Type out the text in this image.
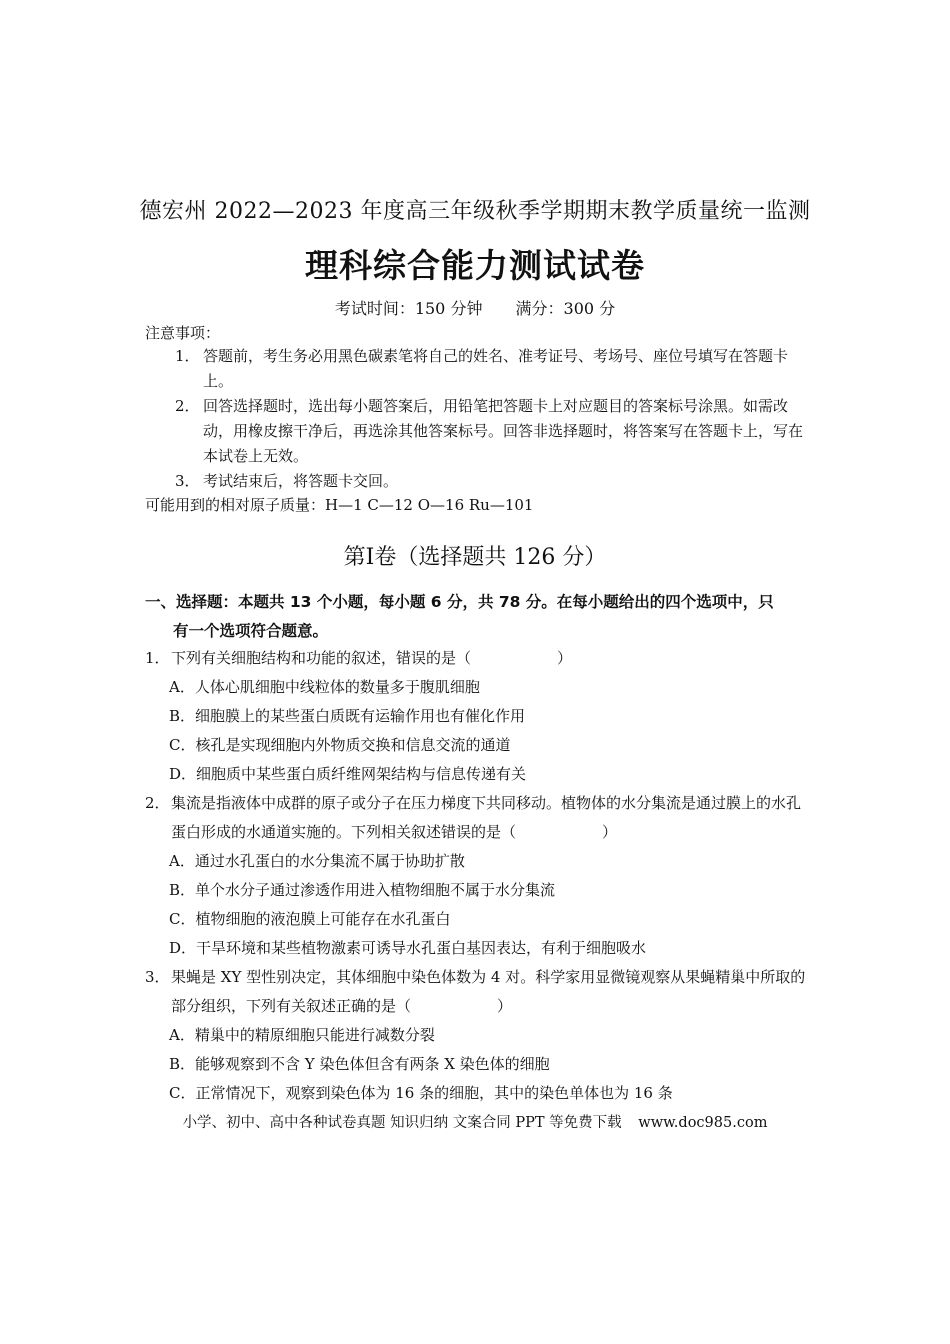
德宏州 2022—2023 年度高三年级秋季学期期末教学质量统一监测
理科综合能力测试试卷
考试时间：150 分钟 满分：300 分
注意事项：
1． 答题前，考生务必用黑色碳素笔将自己的姓名、准考证号、考场号、座位号填写在答题卡上。
2． 回答选择题时，选出每小题答案后，用铅笔把答题卡上对应题目的答案标号涂黑。如需改动，用橡皮擦干净后，再选涂其他答案标号。回答非选择题时，将答案写在答题卡上，写在本试卷上无效。
3． 考试结束后，将答题卡交回。
可能用到的相对原子质量：H—1 C—12 O—16 Ru—101
第Ⅰ卷（选择题共 126 分）
一、选择题：本题共 13 个小题，每小题 6 分，共 78 分。在每小题给出的四个选项中，只
有一个选项符合题意。
1． 下列有关细胞结构和功能的叙述，错误的是（	）
A．人体心肌细胞中线粒体的数量多于腹肌细胞
B．细胞膜上的某些蛋白质既有运输作用也有催化作用
C．核孔是实现细胞内外物质交换和信息交流的通道
D．细胞质中某些蛋白质纤维网架结构与信息传递有关
2． 集流是指液体中成群的原子或分子在压力梯度下共同移动。植物体的水分集流是通过膜上的水孔蛋白形成的水通道实施的。下列相关叙述错误的是（	）
A．通过水孔蛋白的水分集流不属于协助扩散
B．单个水分子通过渗透作用进入植物细胞不属于水分集流
C．植物细胞的液泡膜上可能存在水孔蛋白
D．干旱环境和某些植物激素可诱导水孔蛋白基因表达，有利于细胞吸水
3． 果蝇是 XY 型性别决定，其体细胞中染色体数为 4 对。科学家用显微镜观察从果蝇精巢中所取的部分组织，下列有关叙述正确的是（	）
A．精巢中的精原细胞只能进行减数分裂
B．能够观察到不含 Y 染色体但含有两条 X 染色体的细胞
C．正常情况下，观察到染色体为 16 条的细胞，其中的染色单体也为 16 条
小学、初中、高中各种试卷真题 知识归纳 文案合同 PPT 等免费下载 www.doc985.com
